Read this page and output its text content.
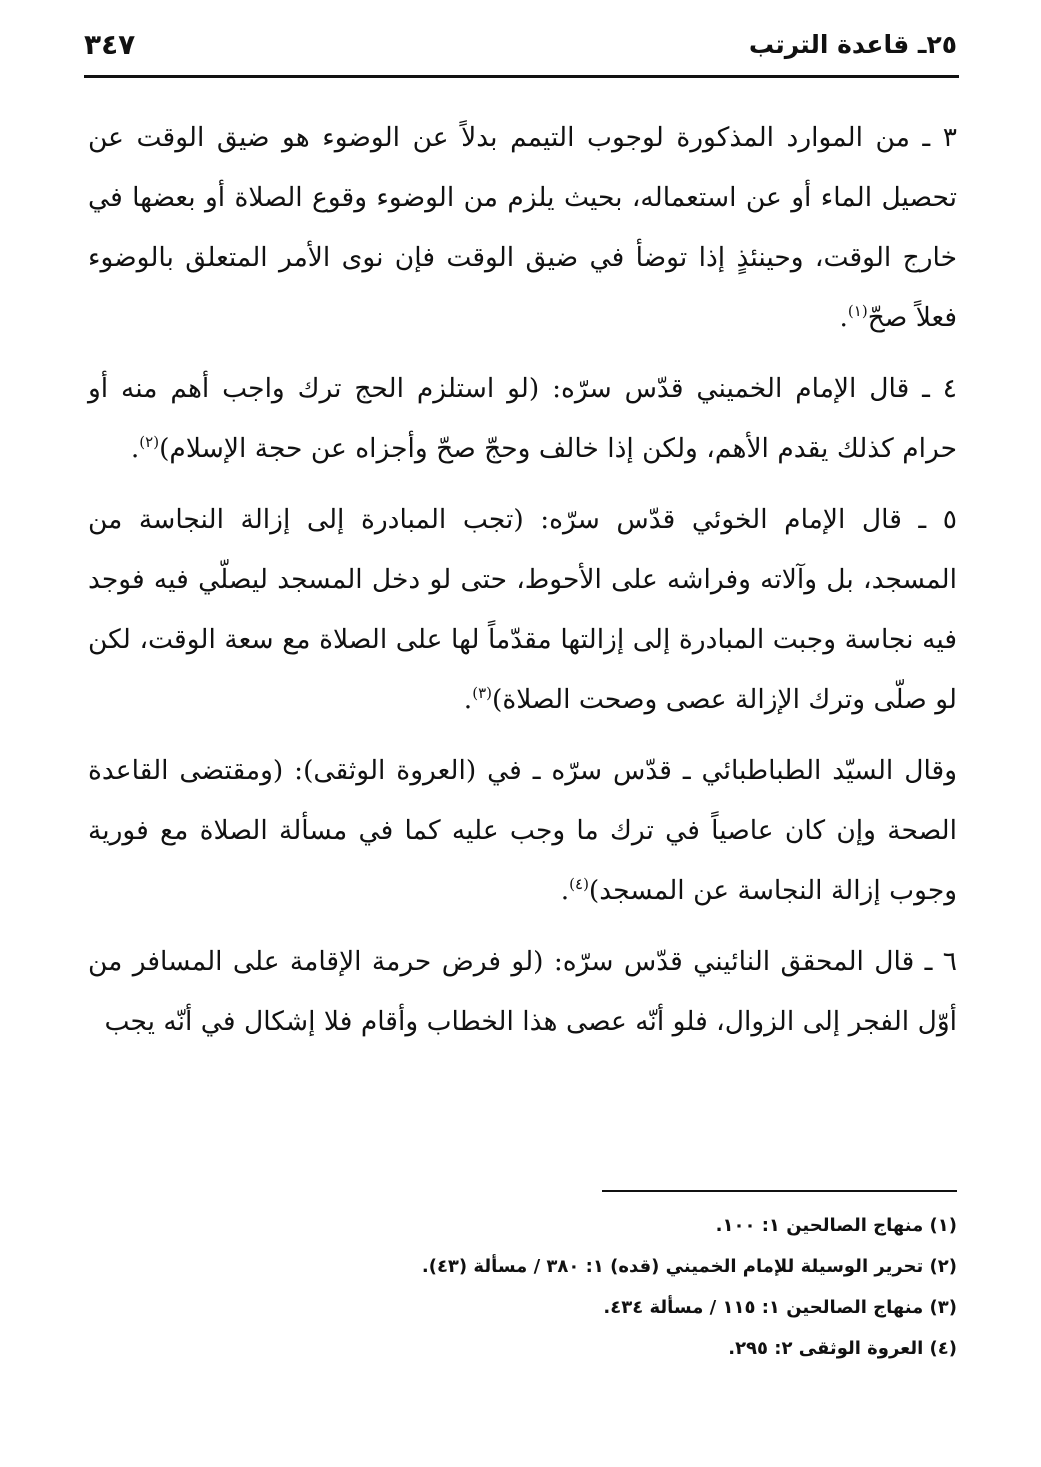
٢٥ـ قاعدة الترتب
٣٤٧

٣ ـ من الموارد المذكورة لوجوب التيمم بدلاً عن الوضوء هو ضيق الوقت عن تحصيل الماء أو عن استعماله، بحيث يلزم من الوضوء وقوع الصلاة أو بعضها في خارج الوقت، وحينئذٍ إذا توضأ في ضيق الوقت فإن نوى الأمر المتعلق بالوضوء فعلاً صحّ$^{(١)}$.

٤ ـ قال الإمام الخميني قدّس سرّه: (لو استلزم الحج ترك واجب أهم منه أو حرام كذلك يقدم الأهم، ولكن إذا خالف وحجّ صحّ وأجزاه عن حجة الإسلام)$^{(٢)}$.

٥ ـ قال الإمام الخوئي قدّس سرّه: (تجب المبادرة إلى إزالة النجاسة من المسجد، بل وآلاته وفراشه على الأحوط، حتى لو دخل المسجد ليصلّي فيه فوجد فيه نجاسة وجبت المبادرة إلى إزالتها مقدّماً لها على الصلاة مع سعة الوقت، لكن لو صلّى وترك الإزالة عصى وصحت الصلاة)$^{(٣)}$.

وقال السيّد الطباطبائي ـ قدّس سرّه ـ في (العروة الوثقى): (ومقتضى القاعدة الصحة وإن كان عاصياً في ترك ما وجب عليه كما في مسألة الصلاة مع فورية وجوب إزالة النجاسة عن المسجد)$^{(٤)}$.

٦ ـ قال المحقق النائيني قدّس سرّه: (لو فرض حرمة الإقامة على المسافر من أوّل الفجر إلى الزوال، فلو أنّه عصى هذا الخطاب وأقام فلا إشكال في أنّه يجب

(١) منهاج الصالحين ١: ١٠٠.
(٢) تحرير الوسيلة للإمام الخميني (قده) ١: ٣٨٠ / مسألة (٤٣).
(٣) منهاج الصالحين ١: ١١٥ / مسألة ٤٣٤.
(٤) العروة الوثقى ٢: ٢٩٥.
